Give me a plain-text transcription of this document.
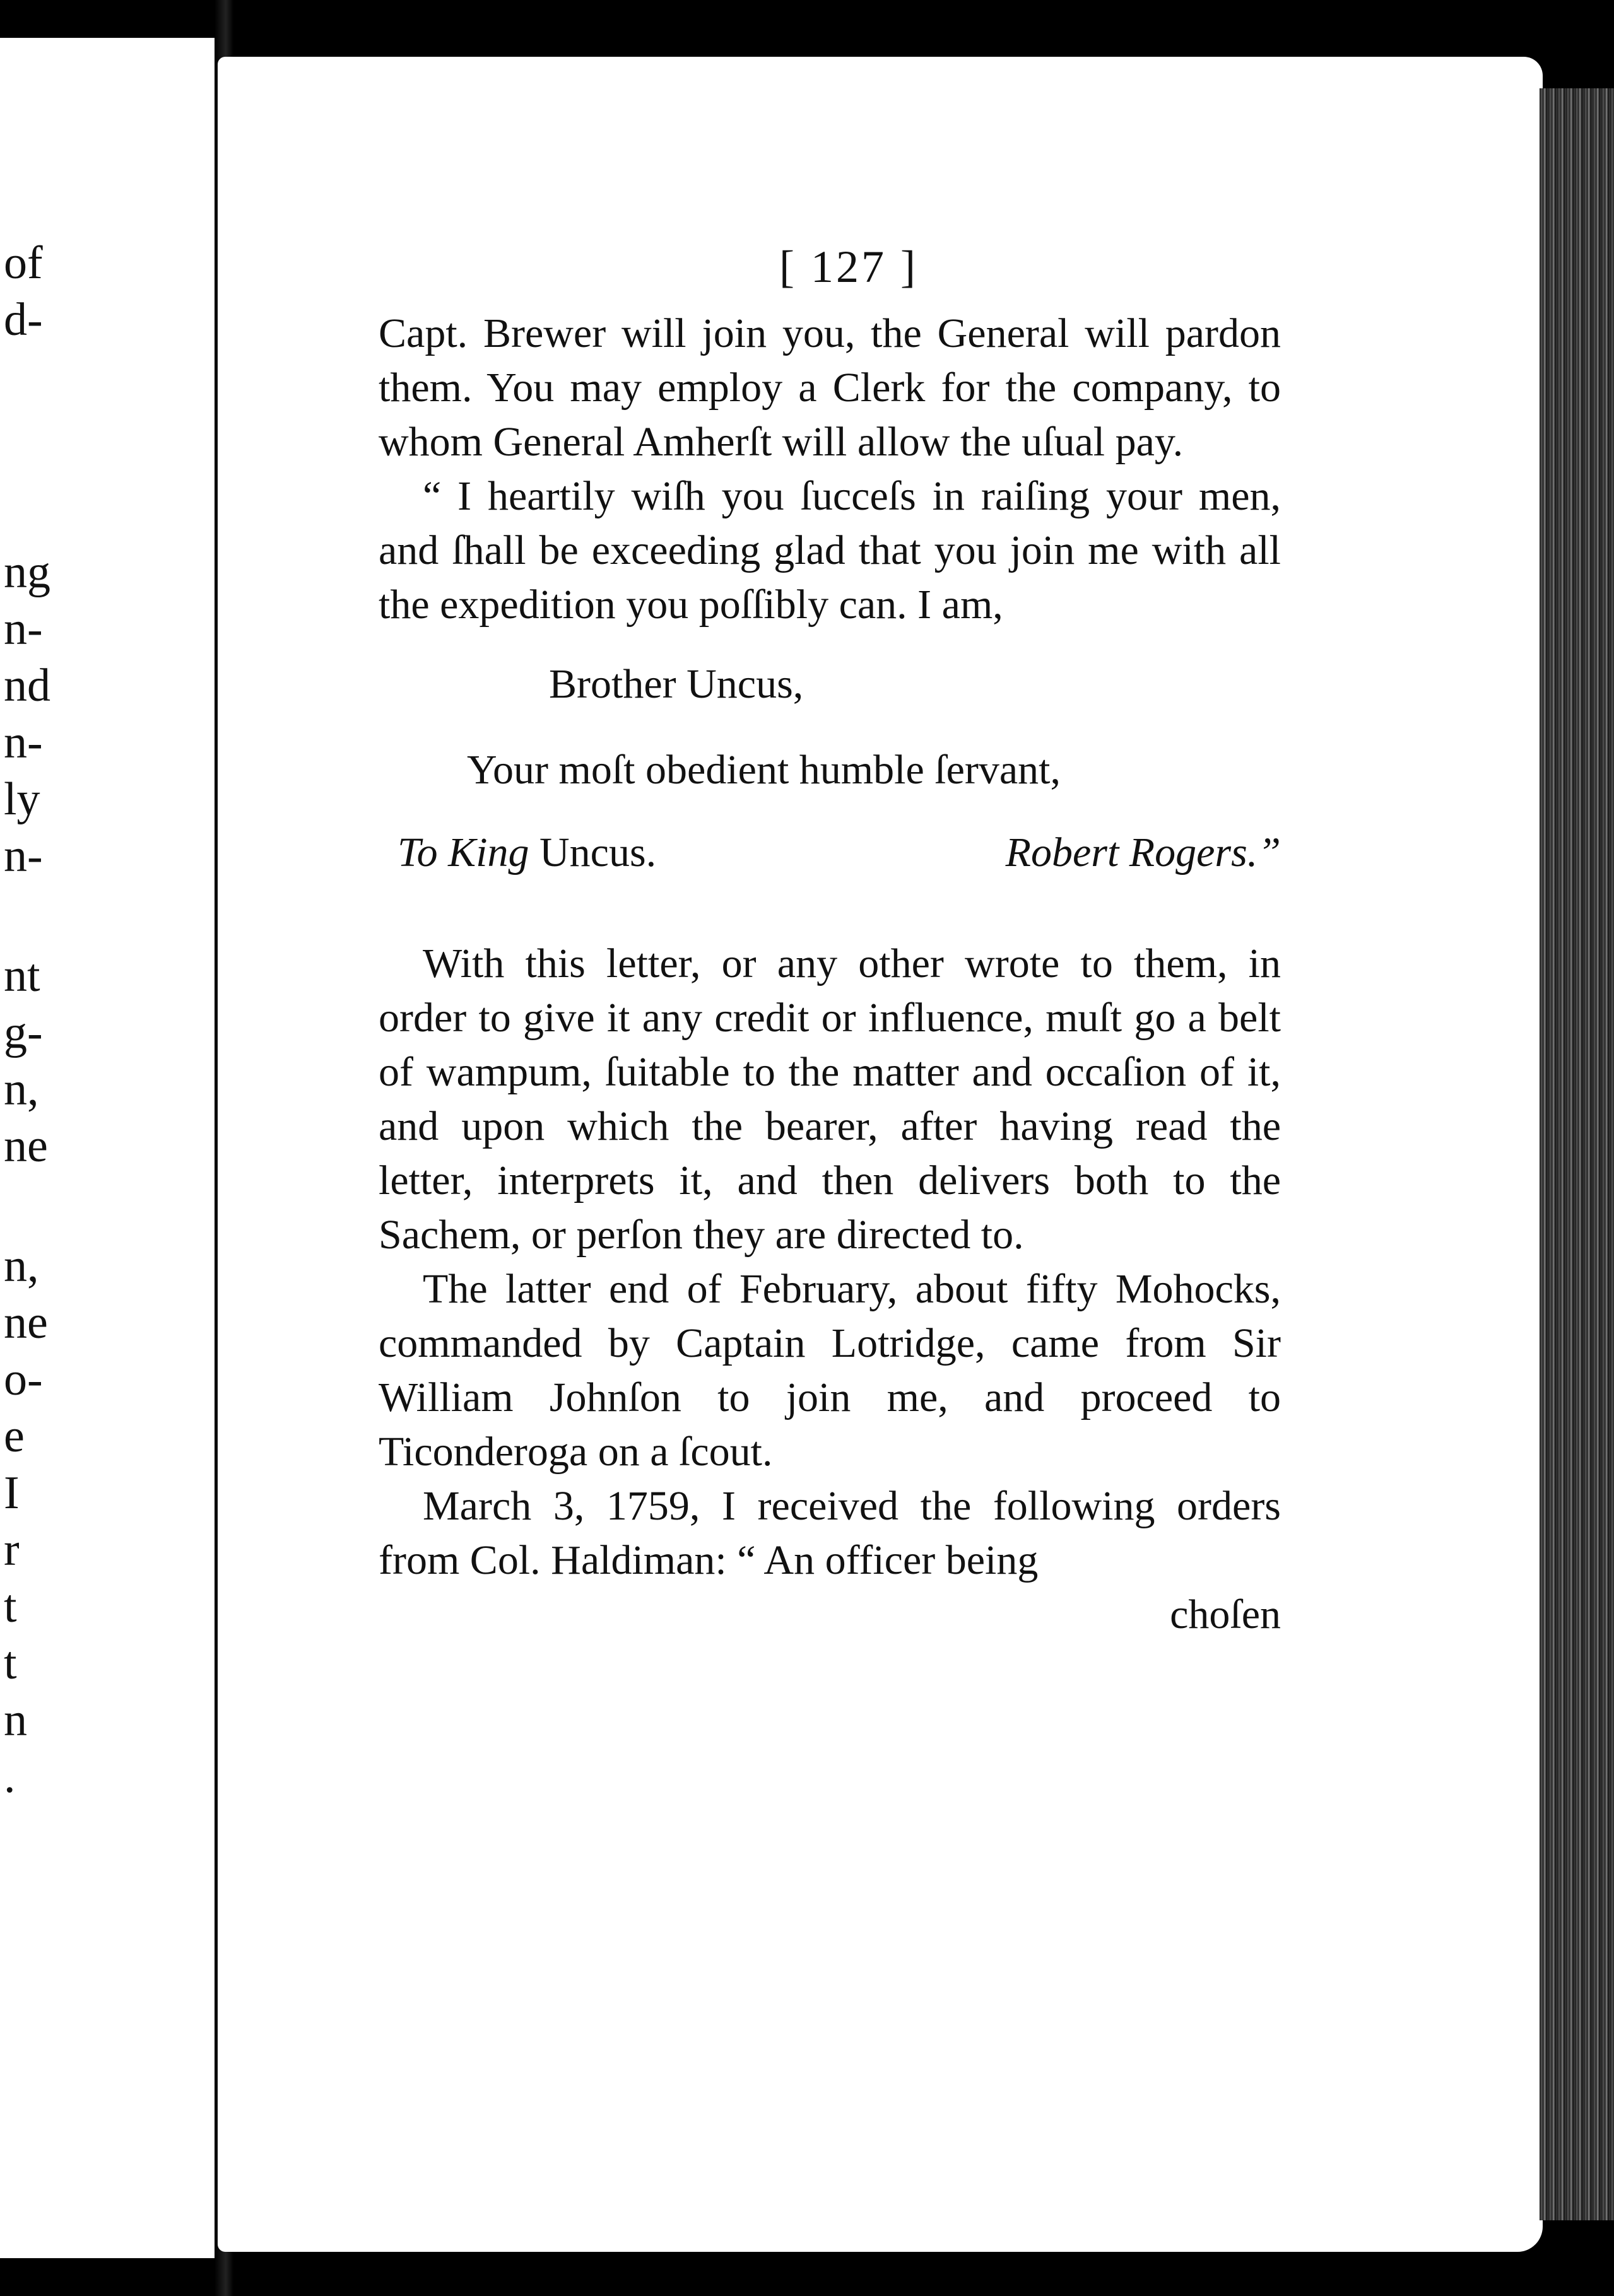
of
d-
ng
n-
nd
n-
ly
n-
nt
g-
n,
ne
n,
ne
o-
e
I
r
t
t
n
.
[ 127 ]

Capt. Brewer will join you, the General will pardon them. You may employ a Clerk for the company, to whom General Amherſt will allow the uſual pay.

“ I heartily wiſh you ſucceſs in raiſing your men, and ſhall be exceeding glad that you join me with all the expedition you poſſibly can. I am,

Brother Uncus,

Your moſt obedient humble ſervant,

To King Uncus.	Robert Rogers.”

With this letter, or any other wrote to them, in order to give it any credit or influence, muſt go a belt of wampum, ſuitable to the matter and occaſion of it, and upon which the bearer, after having read the letter, interprets it, and then delivers both to the Sachem, or perſon they are directed to.

The latter end of February, about fifty Mohocks, commanded by Captain Lotridge, came from Sir William Johnſon to join me, and proceed to Ticonderoga on a ſcout.

March 3, 1759, I received the following orders from Col. Haldiman: “ An officer being

choſen
